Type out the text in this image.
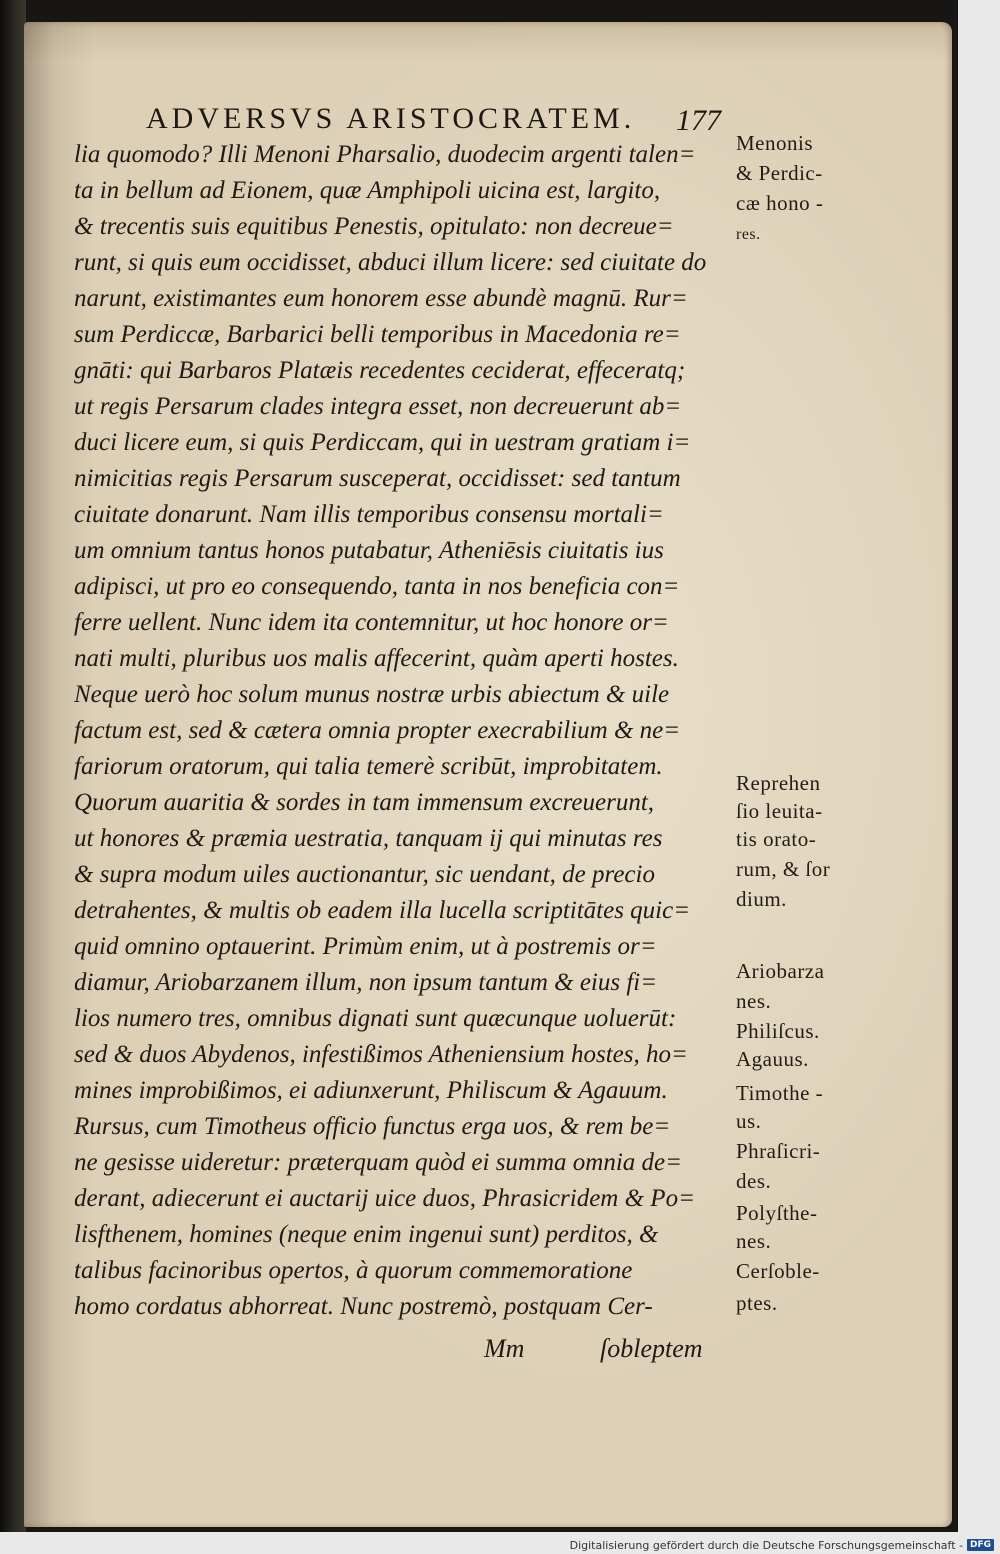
ADVERSVS ARISTOCRATEM. 177
lia quomodo? Illi Menoni Pharsalio, duodecim argenti talen=
ta in bellum ad Eionem, quæ Amphipoli uicina est, largito,
& trecentis suis equitibus Penestis, opitulato: non decreue=
runt, si quis eum occidisset, abduci illum licere: sed ciuitate do
narunt, existimantes eum honorem esse abundè magnū. Rur=
sum Perdiccæ, Barbarici belli temporibus in Macedonia re=
gnāti: qui Barbaros Platæis recedentes ceciderat, effeceratq;
ut regis Persarum clades integra esset, non decreuerunt ab=
duci licere eum, si quis Perdiccam, qui in uestram gratiam i=
nimicitias regis Persarum susceperat, occidisset: sed tantum
ciuitate donarunt. Nam illis temporibus consensu mortali=
um omnium tantus honos putabatur, Atheniēsis ciuitatis ius
adipisci, ut pro eo consequendo, tanta in nos beneficia con=
ferre uellent. Nunc idem ita contemnitur, ut hoc honore or=
nati multi, pluribus uos malis affecerint, quàm aperti hostes.
Neque uerò hoc solum munus nostræ urbis abiectum & uile
factum est, sed & cætera omnia propter execrabilium & ne=
fariorum oratorum, qui talia temerè scribūt, improbitatem.
Quorum auaritia & sordes in tam immensum excreuerunt,
ut honores & præmia uestratia, tanquam ij qui minutas res
& supra modum uiles auctionantur, sic uendant, de precio
detrahentes, & multis ob eadem illa lucella scriptitātes quic=
quid omnino optauerint. Primùm enim, ut à postremis or=
diamur, Ariobarzanem illum, non ipsum tantum & eius fi=
lios numero tres, omnibus dignati sunt quæcunque uoluerūt:
sed & duos Abydenos, infestißimos Atheniensium hostes, ho=
mines improbißimos, ei adiunxerunt, Philiscum & Agauum.
Rursus, cum Timotheus officio functus erga uos, & rem be=
ne gesisse uideretur: præterquam quòd ei summa omnia de=
derant, adiecerunt ei auctarij uice duos, Phrasicridem & Po=
lisfthenem, homines (neque enim ingenui sunt) perditos, &
talibus facinoribus opertos, à quorum commemoratione
homo cordatus abhorreat. Nunc postremò, postquam Cer-
Menonis
& Perdic-
cæ hono -
res.
Reprehen
ſio leuita-
tis orato-
rum, & ſor
dium.
Ariobarza
nes.
Philiſcus.
Agauus.
Timothe -
us.
Phraſicri-
des.
Polyſthe-
nes.
Cerſoble-
ptes.
Mm	ſobleptem
Digitalisierung gefördert durch die Deutsche Forschungsgemeinschaft - DFG
